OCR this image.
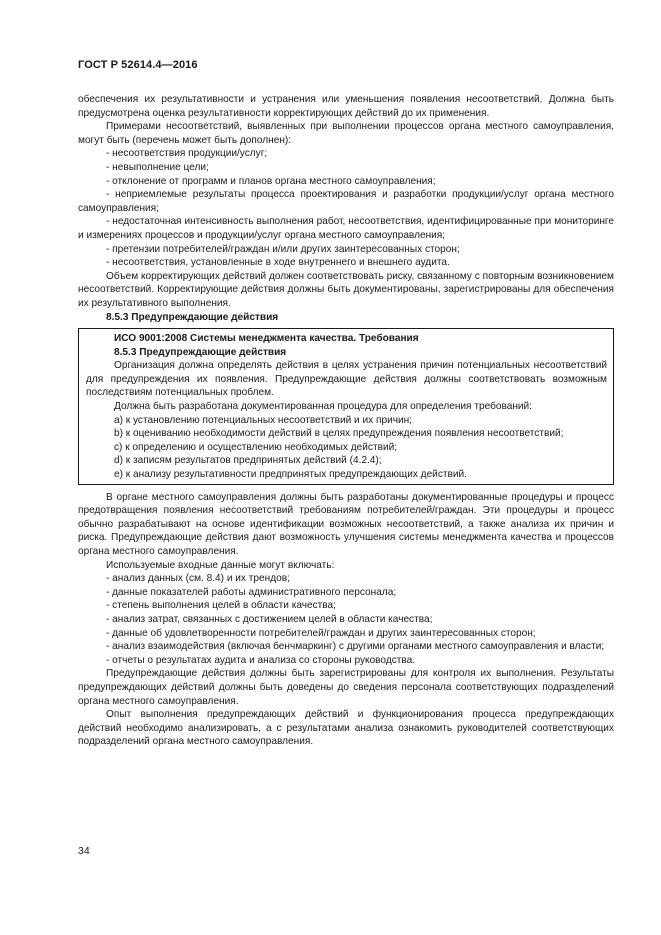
ГОСТ Р 52614.4—2016

обеспечения их результативности и устранения или уменьшения появления несоответствий. Должна быть предусмотрена оценка результативности корректирующих действий до их применения.

Примерами несоответствий, выявленных при выполнении процессов органа местного самоуправления, могут быть (перечень может быть дополнен):

- несоответствия продукции/услуг;

- невыполнение цели;

- отклонение от программ и планов органа местного самоуправления;

- неприемлемые результаты процесса проектирования и разработки продукции/услуг органа местного самоуправления;

- недостаточная интенсивность выполнения работ, несоответствия, идентифицированные при мониторинге и измерениях процессов и продукции/услуг органа местного самоуправления;

- претензии потребителей/граждан и/или других заинтересованных сторон;

- несоответствия, установленные в ходе внутреннего и внешнего аудита.

Объем корректирующих действий должен соответствовать риску, связанному с повторным возникновением несоответствий. Корректирующие действия должны быть документированы, зарегистрированы для обеспечения их результативного выполнения.

8.5.3 Предупреждающие действия
ИСО 9001:2008 Системы менеджмента качества. Требования
8.5.3 Предупреждающие действия

Организация должна определять действия в целях устранения причин потенциальных несоответствий для предупреждения их появления. Предупреждающие действия должны соответствовать возможным последствиям потенциальных проблем.

Должна быть разработана документированная процедура для определения требований:

a) к установлению потенциальных несоответствий и их причин;

b) к оцениванию необходимости действий в целях предупреждения появления несоответствий;

c) к определению и осуществлению необходимых действий;

d) к записям результатов предпринятых действий (4.2.4);

e) к анализу результативности предпринятых предупреждающих действий.

В органе местного самоуправления должны быть разработаны документированные процедуры и процесс предотвращения появления несоответствий требованиям потребителей/граждан. Эти процедуры и процесс обычно разрабатывают на основе идентификации возможных несоответствий, а также анализа их причин и риска. Предупреждающие действия дают возможность улучшения системы менеджмента качества и процессов органа местного самоуправления.

Используемые входные данные могут включать:

- анализ данных (см. 8.4) и их трендов;

- данные показателей работы административного персонала;

- степень выполнения целей в области качества;

- анализ затрат, связанных с достижением целей в области качества;

- данные об удовлетворенности потребителей/граждан и других заинтересованных сторон;

- анализ взаимодействия (включая бенчмаркинг) с другими органами местного самоуправления и власти;

- отчеты о результатах аудита и анализа со стороны руководства.

Предупреждающие действия должны быть зарегистрированы для контроля их выполнения. Результаты предупреждающих действий должны быть доведены до сведения персонала соответствующих подразделений органа местного самоуправления.

Опыт выполнения предупреждающих действий и функционирования процесса предупреждающих действий необходимо анализировать, а с результатами анализа ознакомить руководителей соответствующих подразделений органа местного самоуправления.

34
